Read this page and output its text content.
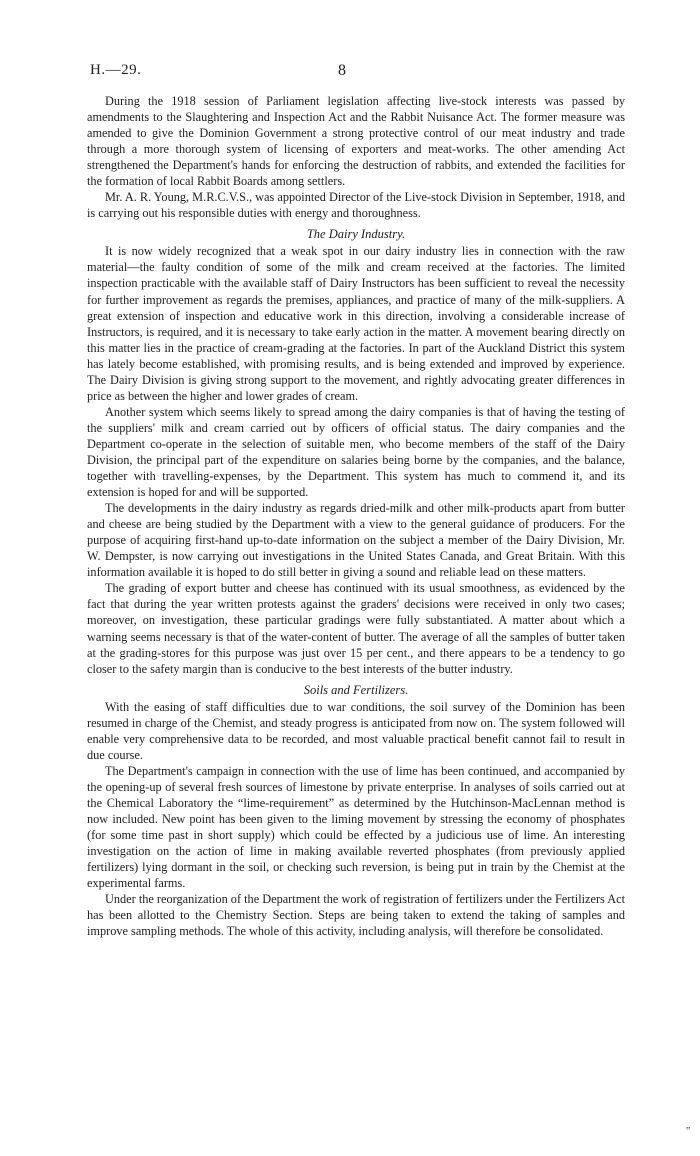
H.—29.	8

During the 1918 session of Parliament legislation affecting live-stock interests was passed by amendments to the Slaughtering and Inspection Act and the Rabbit Nuisance Act. The former measure was amended to give the Dominion Government a strong protective control of our meat industry and trade through a more thorough system of licensing of exporters and meat-works. The other amending Act strengthened the Department's hands for enforcing the destruction of rabbits, and extended the facilities for the formation of local Rabbit Boards among settlers.

Mr. A. R. Young, M.R.C.V.S., was appointed Director of the Live-stock Division in September, 1918, and is carrying out his responsible duties with energy and thoroughness.

The Dairy Industry.

It is now widely recognized that a weak spot in our dairy industry lies in connection with the raw material—the faulty condition of some of the milk and cream received at the factories. The limited inspection practicable with the available staff of Dairy Instructors has been sufficient to reveal the necessity for further improvement as regards the premises, appliances, and practice of many of the milk-suppliers. A great extension of inspection and educative work in this direction, involving a considerable increase of Instructors, is required, and it is necessary to take early action in the matter. A movement bearing directly on this matter lies in the practice of cream-grading at the factories. In part of the Auckland District this system has lately become established, with promising results, and is being extended and improved by experience. The Dairy Division is giving strong support to the movement, and rightly advocating greater differences in price as between the higher and lower grades of cream.

Another system which seems likely to spread among the dairy companies is that of having the testing of the suppliers' milk and cream carried out by officers of official status. The dairy companies and the Department co-operate in the selection of suitable men, who become members of the staff of the Dairy Division, the principal part of the expenditure on salaries being borne by the companies, and the balance, together with travelling-expenses, by the Department. This system has much to commend it, and its extension is hoped for and will be supported.

The developments in the dairy industry as regards dried-milk and other milk-products apart from butter and cheese are being studied by the Department with a view to the general guidance of producers. For the purpose of acquiring first-hand up-to-date information on the subject a member of the Dairy Division, Mr. W. Dempster, is now carrying out investigations in the United States Canada, and Great Britain. With this information available it is hoped to do still better in giving a sound and reliable lead on these matters.

The grading of export butter and cheese has continued with its usual smoothness, as evidenced by the fact that during the year written protests against the graders' decisions were received in only two cases; moreover, on investigation, these particular gradings were fully substantiated. A matter about which a warning seems necessary is that of the water-content of butter. The average of all the samples of butter taken at the grading-stores for this purpose was just over 15 per cent., and there appears to be a tendency to go closer to the safety margin than is conducive to the best interests of the butter industry.

Soils and Fertilizers.

With the easing of staff difficulties due to war conditions, the soil survey of the Dominion has been resumed in charge of the Chemist, and steady progress is anticipated from now on. The system followed will enable very comprehensive data to be recorded, and most valuable practical benefit cannot fail to result in due course.

The Department's campaign in connection with the use of lime has been continued, and accompanied by the opening-up of several fresh sources of limestone by private enterprise. In analyses of soils carried out at the Chemical Laboratory the “lime-requirement” as determined by the Hutchinson-MacLennan method is now included. New point has been given to the liming movement by stressing the economy of phosphates (for some time past in short supply) which could be effected by a judicious use of lime. An interesting investigation on the action of lime in making available reverted phosphates (from previously applied fertilizers) lying dormant in the soil, or checking such reversion, is being put in train by the Chemist at the experimental farms.

Under the reorganization of the Department the work of registration of fertilizers under the Fertilizers Act has been allotted to the Chemistry Section. Steps are being taken to extend the taking of samples and improve sampling methods. The whole of this activity, including analysis, will therefore be consolidated.

‟
